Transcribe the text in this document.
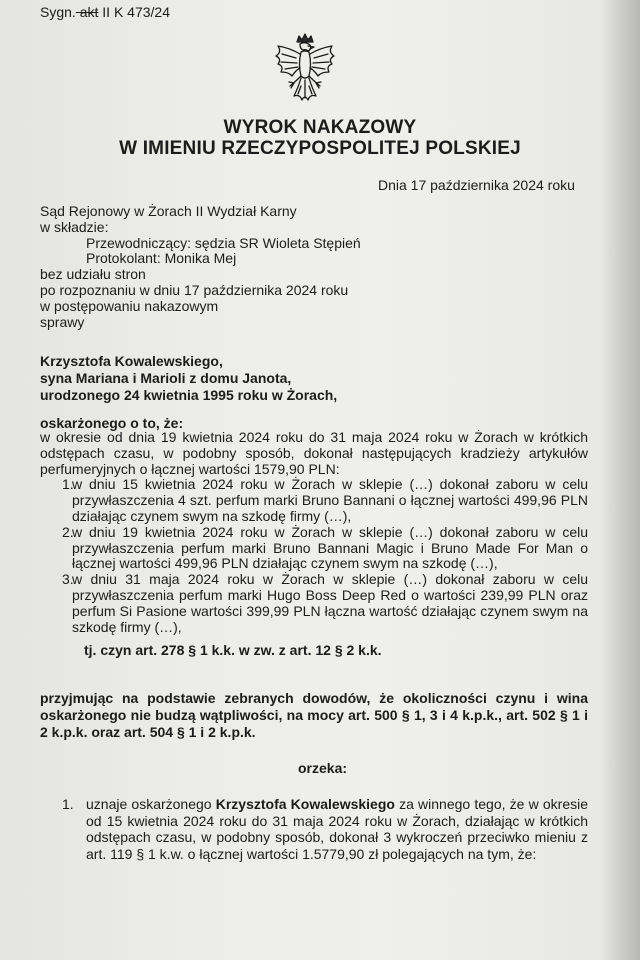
Sygn. akt II K 473/24
WYROK NAKAZOWY
W IMIENIU RZECZYPOSPOLITEJ POLSKIEJ
Dnia 17 października 2024 roku
Sąd Rejonowy w Żorach II Wydział Karny
w składzie:
Przewodniczący: sędzia SR Wioleta Stępień
Protokolant: Monika Mej
bez udziału stron
po rozpoznaniu w dniu 17 października 2024 roku
w postępowaniu nakazowym
sprawy
Krzysztofa Kowalewskiego,
syna Mariana i Marioli z domu Janota,
urodzonego 24 kwietnia 1995 roku w Żorach,
oskarżonego o to, że:

w okresie od dnia 19 kwietnia 2024 roku do 31 maja 2024 roku w Żorach w krótkich odstępach czasu, w podobny sposób, dokonał następujących kradzieży artykułów perfumeryjnych o łącznej wartości 1579,90 PLN:

1.
w dniu 15 kwietnia 2024 roku w Żorach w sklepie (…) dokonał zaboru w celu przywłaszczenia 4 szt. perfum marki Bruno Bannani o łącznej wartości 499,96 PLN działając czynem swym na szkodę firmy (…),
2.
w dniu 19 kwietnia 2024 roku w Żorach w sklepie (…) dokonał zaboru w celu przywłaszczenia perfum marki Bruno Bannani Magic i Bruno Made For Man o łącznej wartości 499,96 PLN działając czynem swym na szkodę (…),
3.
w dniu 31 maja 2024 roku w Żorach w sklepie (…) dokonał zaboru w celu przywłaszczenia perfum marki Hugo Boss Deep Red o wartości 239,99 PLN oraz perfum Si Pasione wartości 399,99 PLN łączna wartość działając czynem swym na szkodę firmy (…),
tj. czyn art. 278 § 1 k.k. w zw. z art. 12 § 2 k.k.
przyjmując na podstawie zebranych dowodów, że okoliczności czynu i wina oskarżonego nie budzą wątpliwości, na mocy art. 500 § 1, 3 i 4 k.p.k., art. 502 § 1 i 2 k.p.k. oraz art. 504 § 1 i 2 k.p.k.
orzeka:
1. uznaje oskarżonego Krzysztofa Kowalewskiego za winnego tego, że w okresie od 15 kwietnia 2024 roku do 31 maja 2024 roku w Żorach, działając w krótkich odstępach czasu, w podobny sposób, dokonał 3 wykroczeń przeciwko mieniu z art. 119 § 1 k.w. o łącznej wartości 1.5779,90 zł polegających na tym, że:
